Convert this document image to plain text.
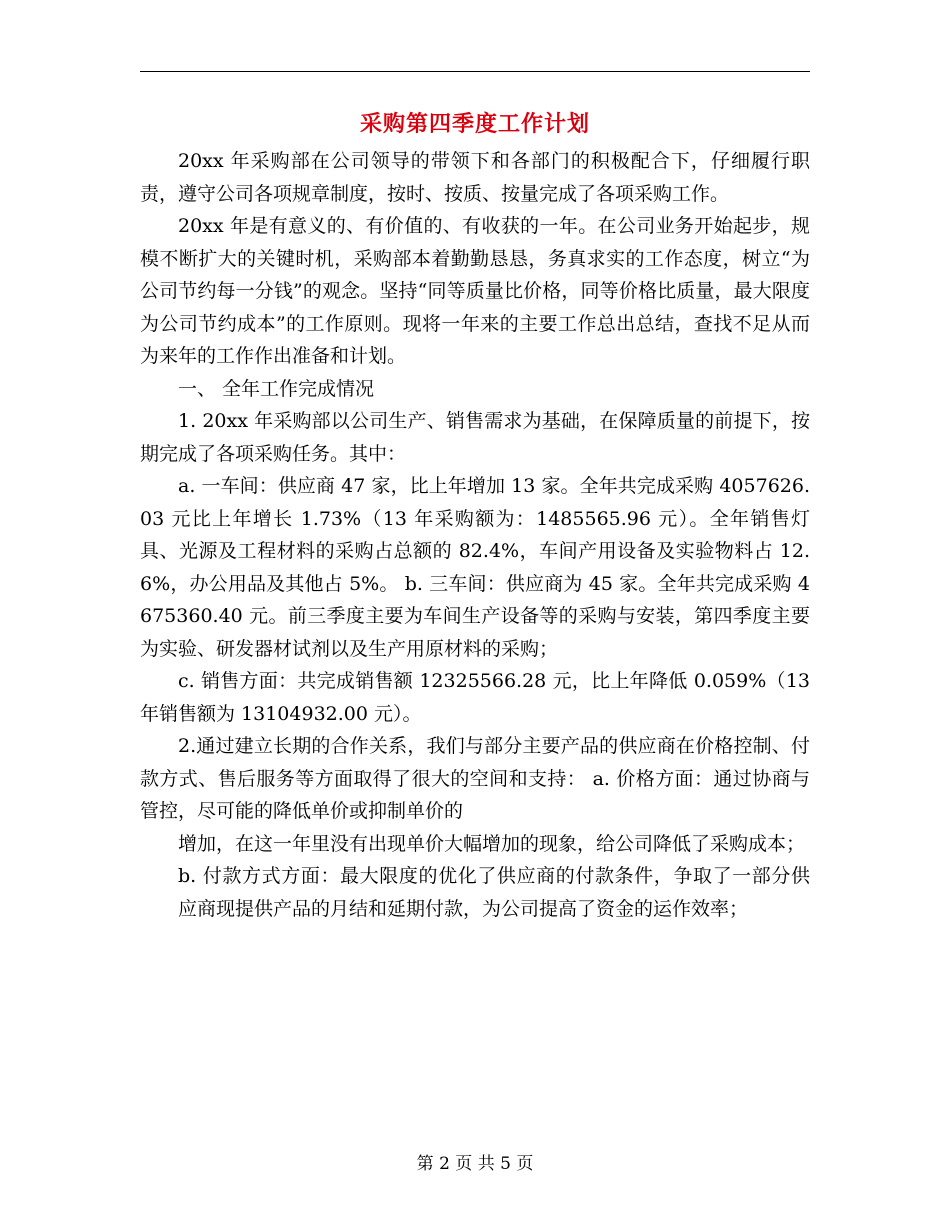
采购第四季度工作计划

20xx 年采购部在公司领导的带领下和各部门的积极配合下，仔细履行职责，遵守公司各项规章制度，按时、按质、按量完成了各项采购工作。

20xx 年是有意义的、有价值的、有收获的一年。在公司业务开始起步，规模不断扩大的关键时机，采购部本着勤勤恳恳，务真求实的工作态度，树立“为公司节约每一分钱”的观念。坚持“同等质量比价格，同等价格比质量，最大限度为公司节约成本”的工作原则。现将一年来的主要工作总出总结，查找不足从而为来年的工作作出准备和计划。

一、 全年工作完成情况

1. 20xx 年采购部以公司生产、销售需求为基础，在保障质量的前提下，按期完成了各项采购任务。其中：

a. 一车间：供应商 47 家，比上年增加 13 家。全年共完成采购 4057626.03 元比上年增长 1.73%（13 年采购额为：1485565.96 元）。全年销售灯具、光源及工程材料的采购占总额的 82.4%，车间产用设备及实验物料占 12.6%，办公用品及其他占 5%。 b. 三车间：供应商为 45 家。全年共完成采购 4675360.40 元。前三季度主要为车间生产设备等的采购与安装，第四季度主要为实验、研发器材试剂以及生产用原材料的采购；

c. 销售方面：共完成销售额 12325566.28 元，比上年降低 0.059%（13 年销售额为 13104932.00 元）。

2.通过建立长期的合作关系，我们与部分主要产品的供应商在价格控制、付款方式、售后服务等方面取得了很大的空间和支持： a. 价格方面：通过协商与管控，尽可能的降低单价或抑制单价的

增加，在这一年里没有出现单价大幅增加的现象，给公司降低了采购成本；

b. 付款方式方面：最大限度的优化了供应商的付款条件，争取了一部分供应商现提供产品的月结和延期付款，为公司提高了资金的运作效率；

第 2 页 共 5 页
